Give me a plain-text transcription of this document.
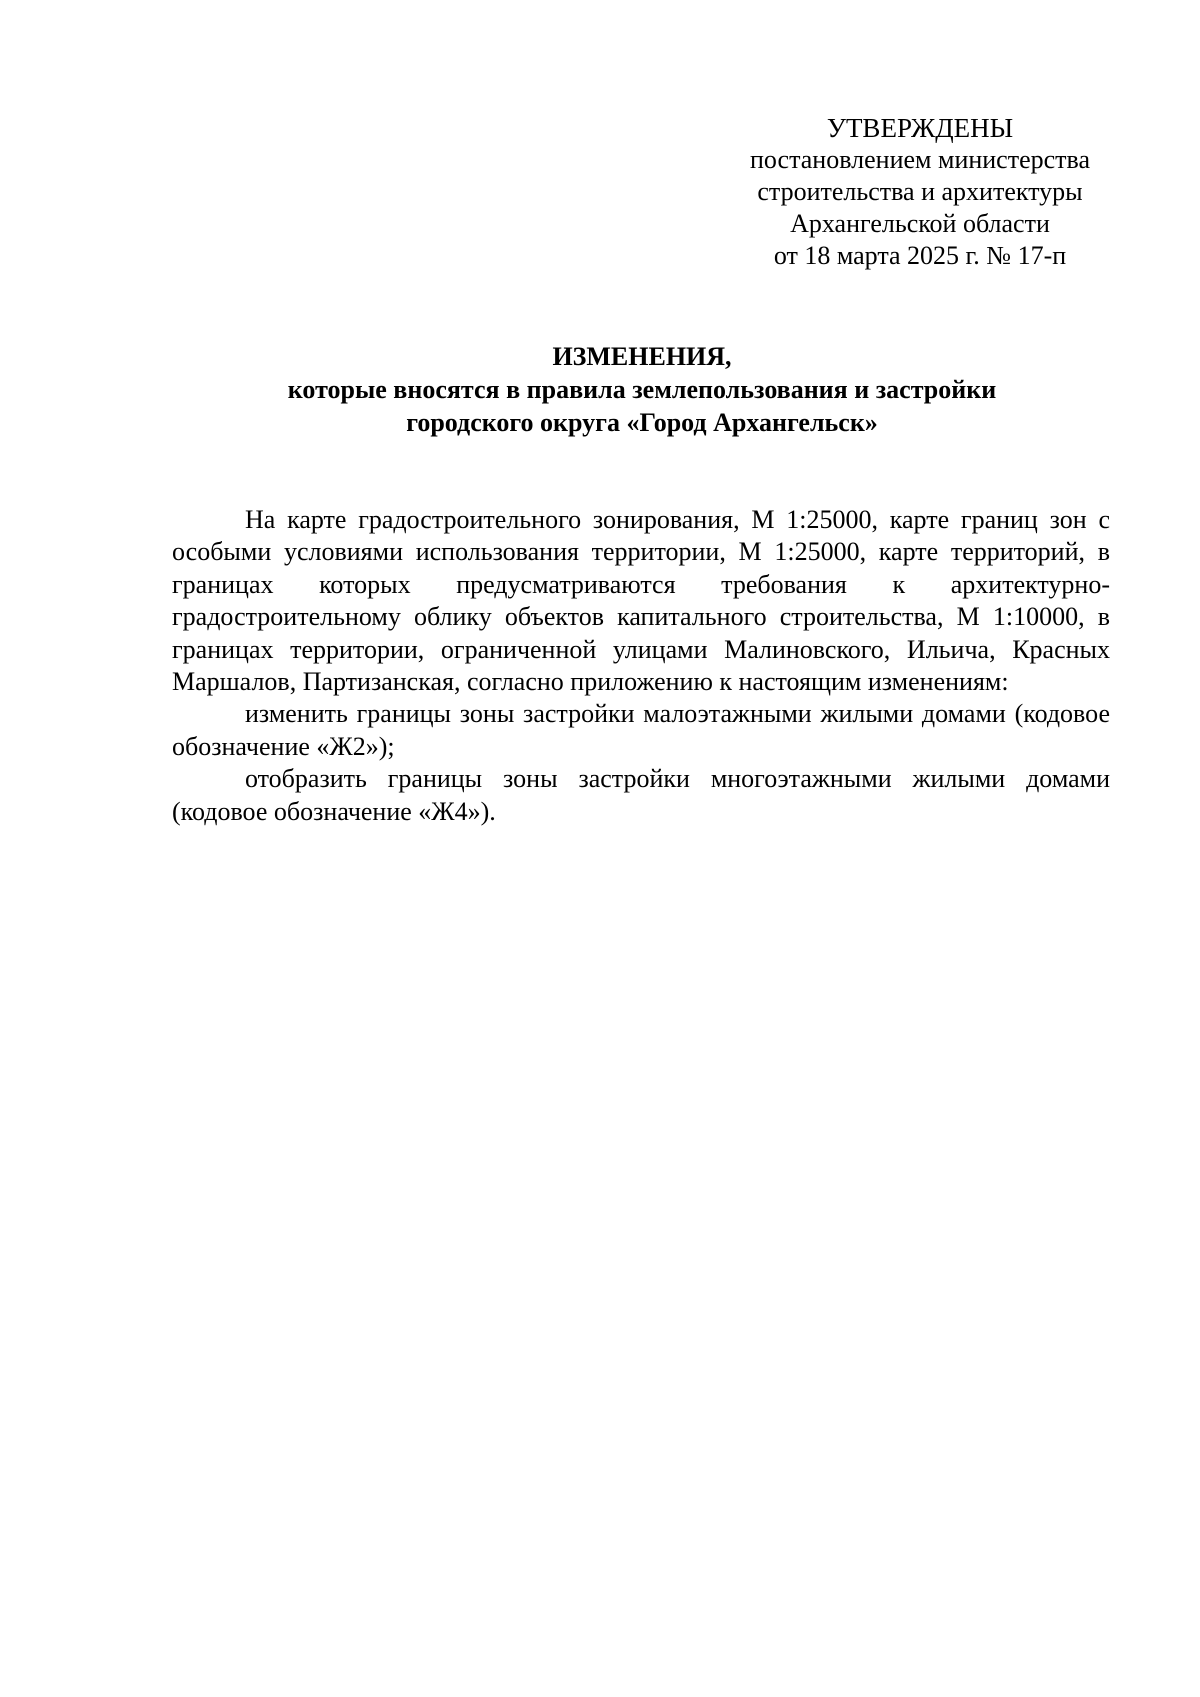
УТВЕРЖДЕНЫ
постановлением министерства
строительства и архитектуры
Архангельской области
от 18 марта 2025 г. № 17-п
ИЗМЕНЕНИЯ,
которые вносятся в правила землепользования и застройки
городского округа «Город Архангельск»

На карте градостроительного зонирования, М 1:25000, карте границ зон с особыми условиями использования территории, М 1:25000, карте территорий, в границах которых предусматриваются требования к архитектурно-градостроительному облику объектов капитального строительства, М 1:10000, в границах территории, ограниченной улицами Малиновского, Ильича, Красных Маршалов, Партизанская, согласно приложению к настоящим изменениям:

изменить границы зоны застройки малоэтажными жилыми домами (кодовое обозначение «Ж2»);

отобразить границы зоны застройки многоэтажными жилыми домами (кодовое обозначение «Ж4»).
